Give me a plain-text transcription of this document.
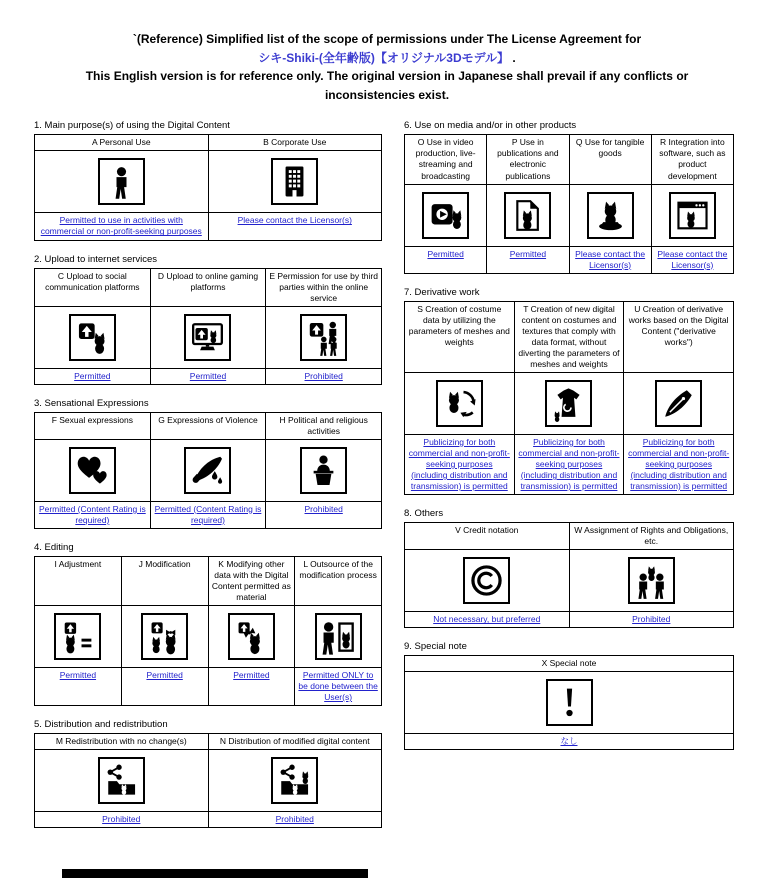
`(Reference) Simplified list of the scope of permissions under The License Agreement for
シキ-Shiki-(全年齢版)【オリジナル3Dモデル】 .
This English version is for reference only. The original version in Japanese shall prevail if any conflicts or inconsistencies exist.
1. Main purpose(s) of using the Digital Content
A Personal Use	B Corporate Use

Permitted to use in activities with commercial or non-profit-seeking purposes	Please contact the Licensor(s)
2. Upload to internet services
C Upload to social communication platforms	D Upload to online gaming platforms	E Permission for use by third parties within the online service

Permitted	Permitted	Prohibited
3. Sensational Expressions
F Sexual expressions	G Expressions of Violence	H Political and religious activities

Permitted (Content Rating is required)	Permitted (Content Rating is required)	Prohibited
4. Editing
I Adjustment	J Modification	K Modifying other data with the Digital Content permitted as material	L Outsource of the modification process

Permitted	Permitted	Permitted	Permitted ONLY to be done between the User(s)
5. Distribution and redistribution
M Redistribution with no change(s)	N Distribution of modified digital content

Prohibited	Prohibited
6. Use on media and/or in other products
O Use in video production, live-streaming and broadcasting	P Use in publications and electronic publications	Q Use for tangible goods	R Integration into software, such as product development

Permitted	Permitted	Please contact the Licensor(s)	Please contact the Licensor(s)
7. Derivative work
S Creation of costume data by utilizing the parameters of meshes and weights	T Creation of new digital content on costumes and textures that comply with data format, without diverting the parameters of meshes and weights	U Creation of derivative works based on the Digital Content ("derivative works")

Publicizing for both commercial and non-profit-seeking purposes (including distribution and transmission) is permitted	Publicizing for both commercial and non-profit-seeking purposes (including distribution and transmission) is permitted	Publicizing for both commercial and non-profit-seeking purposes (including distribution and transmission) is permitted
8. Others
V Credit notation	W Assignment of Rights and Obligations, etc.

Not necessary, but preferred	Prohibited
9. Special note
X Special note

なし
